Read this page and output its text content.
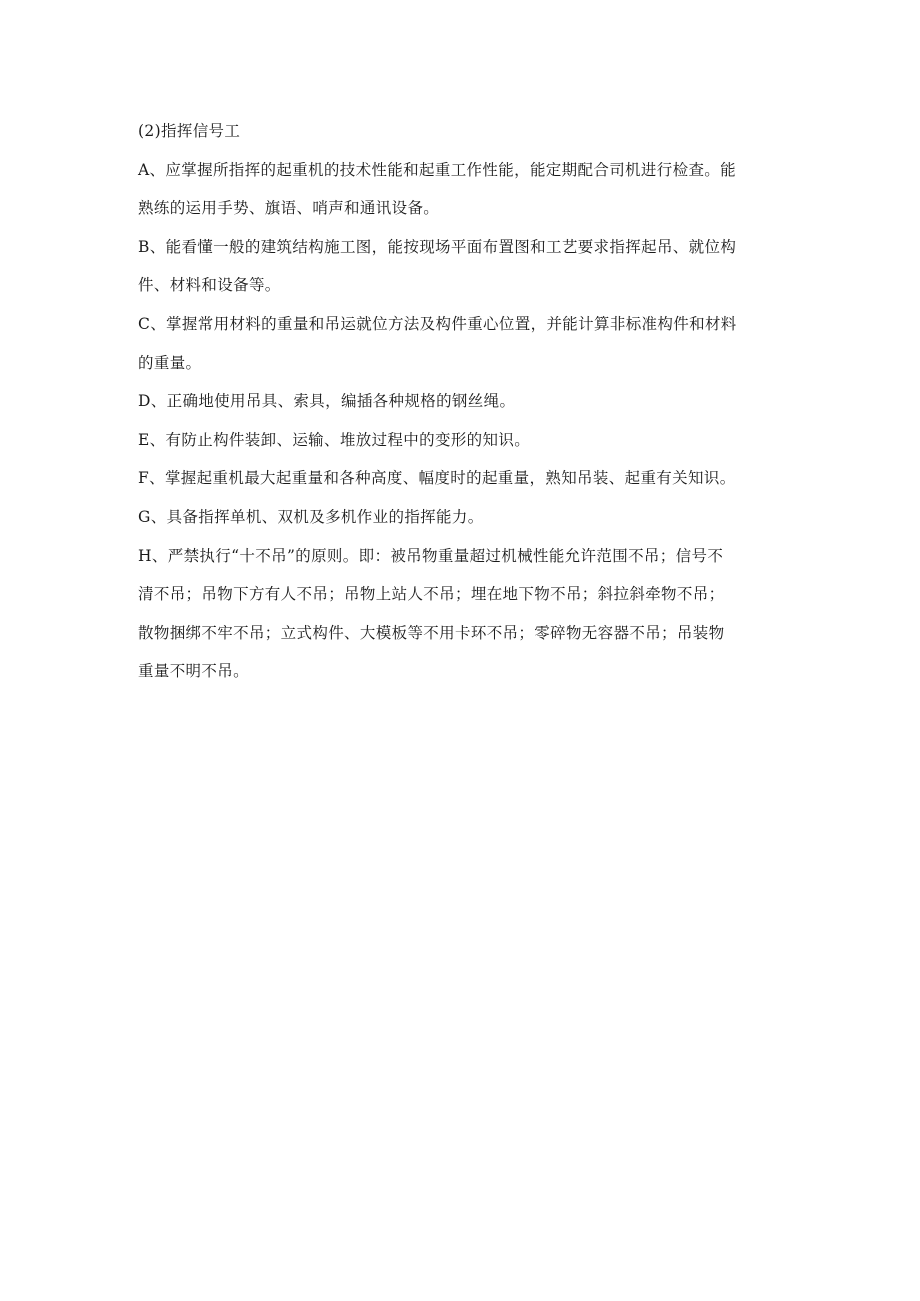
(2)指挥信号工

A、应掌握所指挥的起重机的技术性能和起重工作性能，能定期配合司机进行检查。能
熟练的运用手势、旗语、哨声和通讯设备。

B、能看懂一般的建筑结构施工图，能按现场平面布置图和工艺要求指挥起吊、就位构
件、材料和设备等。

C、掌握常用材料的重量和吊运就位方法及构件重心位置，并能计算非标准构件和材料
的重量。

D、正确地使用吊具、索具，编插各种规格的钢丝绳。

E、有防止构件装卸、运输、堆放过程中的变形的知识。

F、掌握起重机最大起重量和各种高度、幅度时的起重量，熟知吊装、起重有关知识。

G、具备指挥单机、双机及多机作业的指挥能力。

H、严禁执行“十不吊”的原则。即：被吊物重量超过机械性能允许范围不吊；信号不
清不吊；吊物下方有人不吊；吊物上站人不吊；埋在地下物不吊；斜拉斜牵物不吊；
散物捆绑不牢不吊；立式构件、大模板等不用卡环不吊；零碎物无容器不吊；吊装物
重量不明不吊。
